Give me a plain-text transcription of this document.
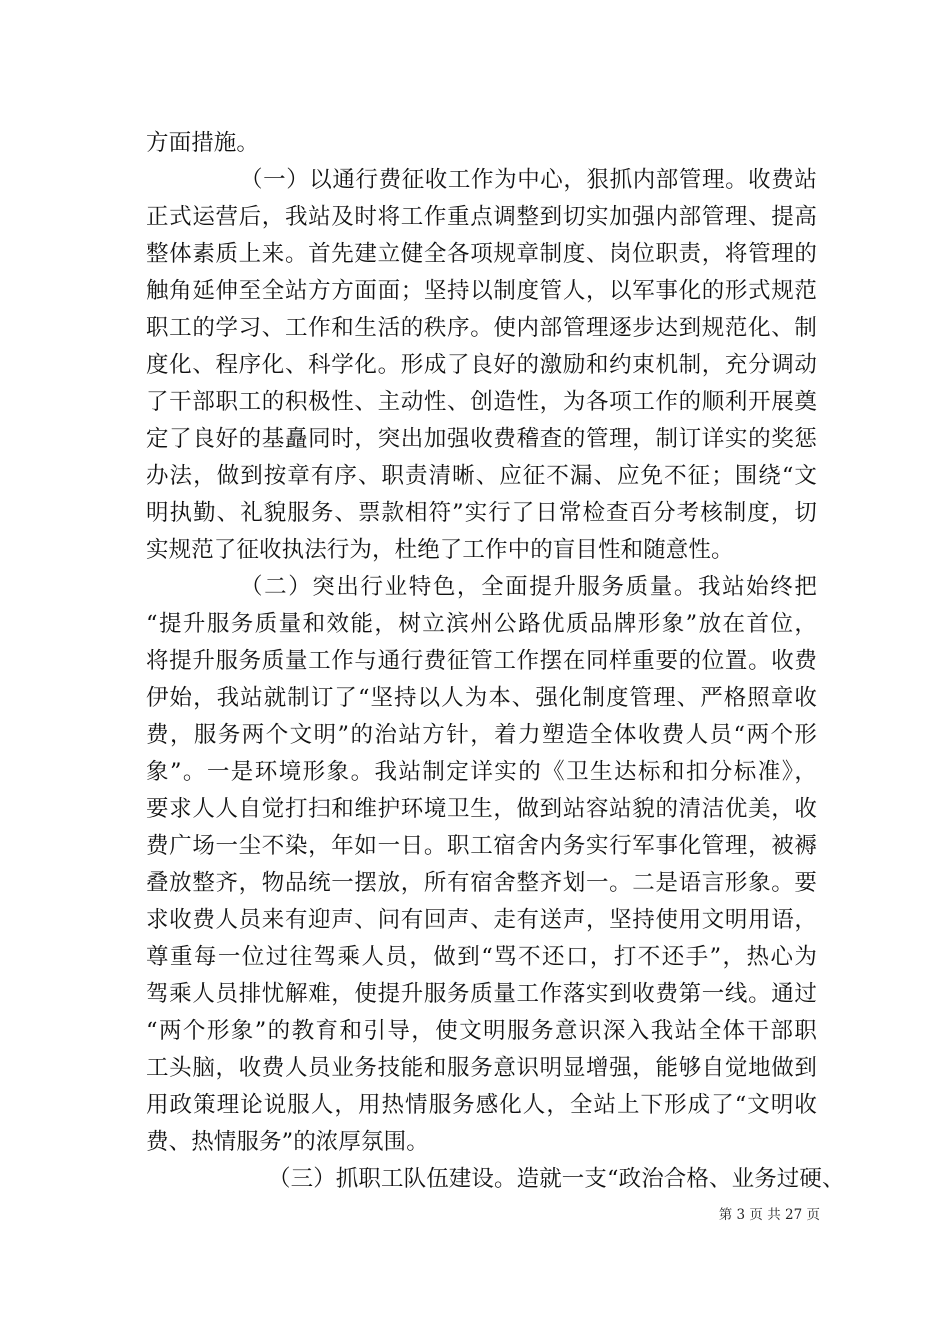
方面措施。
（一）以通行费征收工作为中心，狠抓内部管理。收费站
正式运营后，我站及时将工作重点调整到切实加强内部管理、提高
整体素质上来。首先建立健全各项规章制度、岗位职责，将管理的
触角延伸至全站方方面面；坚持以制度管人，以军事化的形式规范
职工的学习、工作和生活的秩序。使内部管理逐步达到规范化、制
度化、程序化、科学化。形成了良好的激励和约束机制，充分调动
了干部职工的积极性、主动性、创造性，为各项工作的顺利开展奠
定了良好的基矗同时，突出加强收费稽查的管理，制订详实的奖惩
办法，做到按章有序、职责清晰、应征不漏、应免不征；围绕“文
明执勤、礼貌服务、票款相符”实行了日常检查百分考核制度，切
实规范了征收执法行为，杜绝了工作中的盲目性和随意性。
（二）突出行业特色，全面提升服务质量。我站始终把
“提升服务质量和效能，树立滨州公路优质品牌形象”放在首位，
将提升服务质量工作与通行费征管工作摆在同样重要的位置。收费
伊始，我站就制订了“坚持以人为本、强化制度管理、严格照章收
费，服务两个文明”的治站方针，着力塑造全体收费人员“两个形
象”。一是环境形象。我站制定详实的《卫生达标和扣分标准》，
要求人人自觉打扫和维护环境卫生，做到站容站貌的清洁优美，收
费广场一尘不染，年如一日。职工宿舍内务实行军事化管理，被褥
叠放整齐，物品统一摆放，所有宿舍整齐划一。二是语言形象。要
求收费人员来有迎声、问有回声、走有送声，坚持使用文明用语，
尊重每一位过往驾乘人员，做到“骂不还口，打不还手”，热心为
驾乘人员排忧解难，使提升服务质量工作落实到收费第一线。通过
“两个形象”的教育和引导，使文明服务意识深入我站全体干部职
工头脑，收费人员业务技能和服务意识明显增强，能够自觉地做到
用政策理论说服人，用热情服务感化人，全站上下形成了“文明收
费、热情服务”的浓厚氛围。
（三）抓职工队伍建设。造就一支“政治合格、业务过硬、
第 3 页 共 27 页
